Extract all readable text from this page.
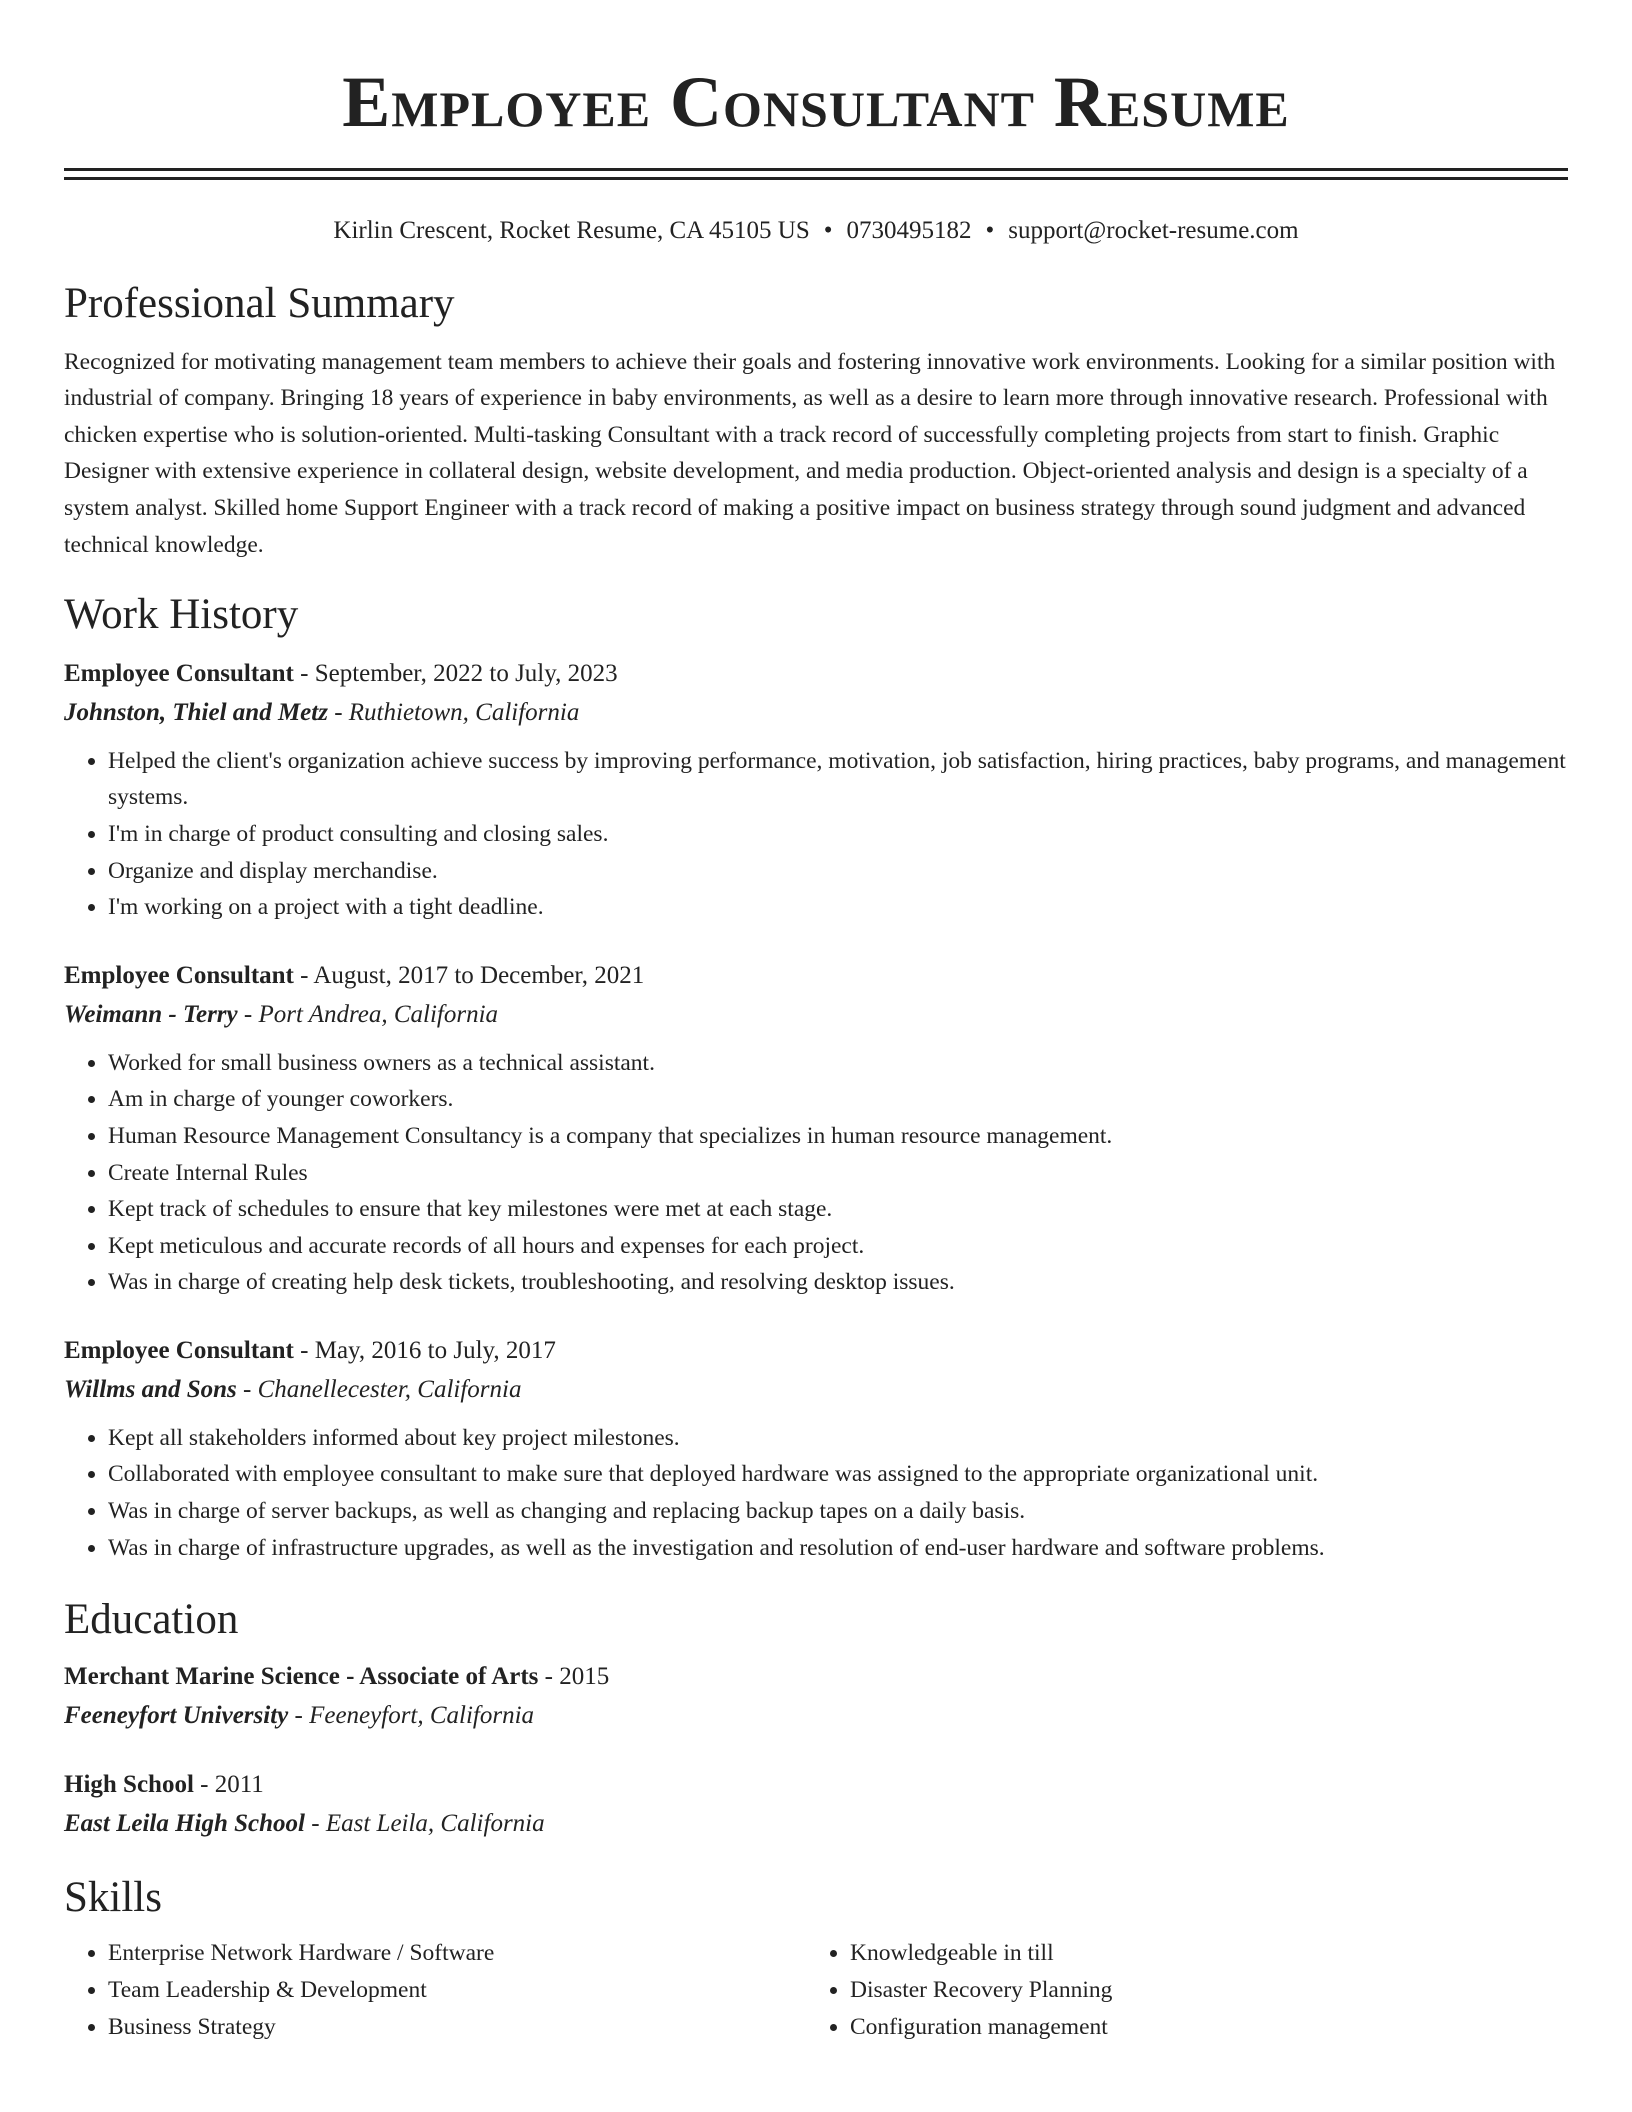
Employee Consultant Resume
Kirlin Crescent, Rocket Resume, CA 45105 US • 0730495182 • support@rocket-resume.com
Professional Summary

Recognized for motivating management team members to achieve their goals and fostering innovative work environments. Looking for a similar position with industrial of company. Bringing 18 years of experience in baby environments, as well as a desire to learn more through innovative research. Professional with chicken expertise who is solution-oriented. Multi-tasking Consultant with a track record of successfully completing projects from start to finish. Graphic Designer with extensive experience in collateral design, website development, and media production. Object-oriented analysis and design is a specialty of a system analyst. Skilled home Support Engineer with a track record of making a positive impact on business strategy through sound judgment and advanced technical knowledge.

Work History
Employee Consultant - September, 2022 to July, 2023
Johnston, Thiel and Metz - Ruthietown, California
• Helped the client's organization achieve success by improving performance, motivation, job satisfaction, hiring practices, baby programs, and management systems.
• I'm in charge of product consulting and closing sales.
• Organize and display merchandise.
• I'm working on a project with a tight deadline.
Employee Consultant - August, 2017 to December, 2021
Weimann - Terry - Port Andrea, California
• Worked for small business owners as a technical assistant.
• Am in charge of younger coworkers.
• Human Resource Management Consultancy is a company that specializes in human resource management.
• Create Internal Rules
• Kept track of schedules to ensure that key milestones were met at each stage.
• Kept meticulous and accurate records of all hours and expenses for each project.
• Was in charge of creating help desk tickets, troubleshooting, and resolving desktop issues.
Employee Consultant - May, 2016 to July, 2017
Willms and Sons - Chanellecester, California
• Kept all stakeholders informed about key project milestones.
• Collaborated with employee consultant to make sure that deployed hardware was assigned to the appropriate organizational unit.
• Was in charge of server backups, as well as changing and replacing backup tapes on a daily basis.
• Was in charge of infrastructure upgrades, as well as the investigation and resolution of end-user hardware and software problems.
Education
Merchant Marine Science - Associate of Arts - 2015
Feeneyfort University - Feeneyfort, California
High School - 2011
East Leila High School - East Leila, California
Skills
• Enterprise Network Hardware / Software
• Team Leadership & Development
• Business Strategy
• Knowledgeable in till
• Disaster Recovery Planning
• Configuration management
